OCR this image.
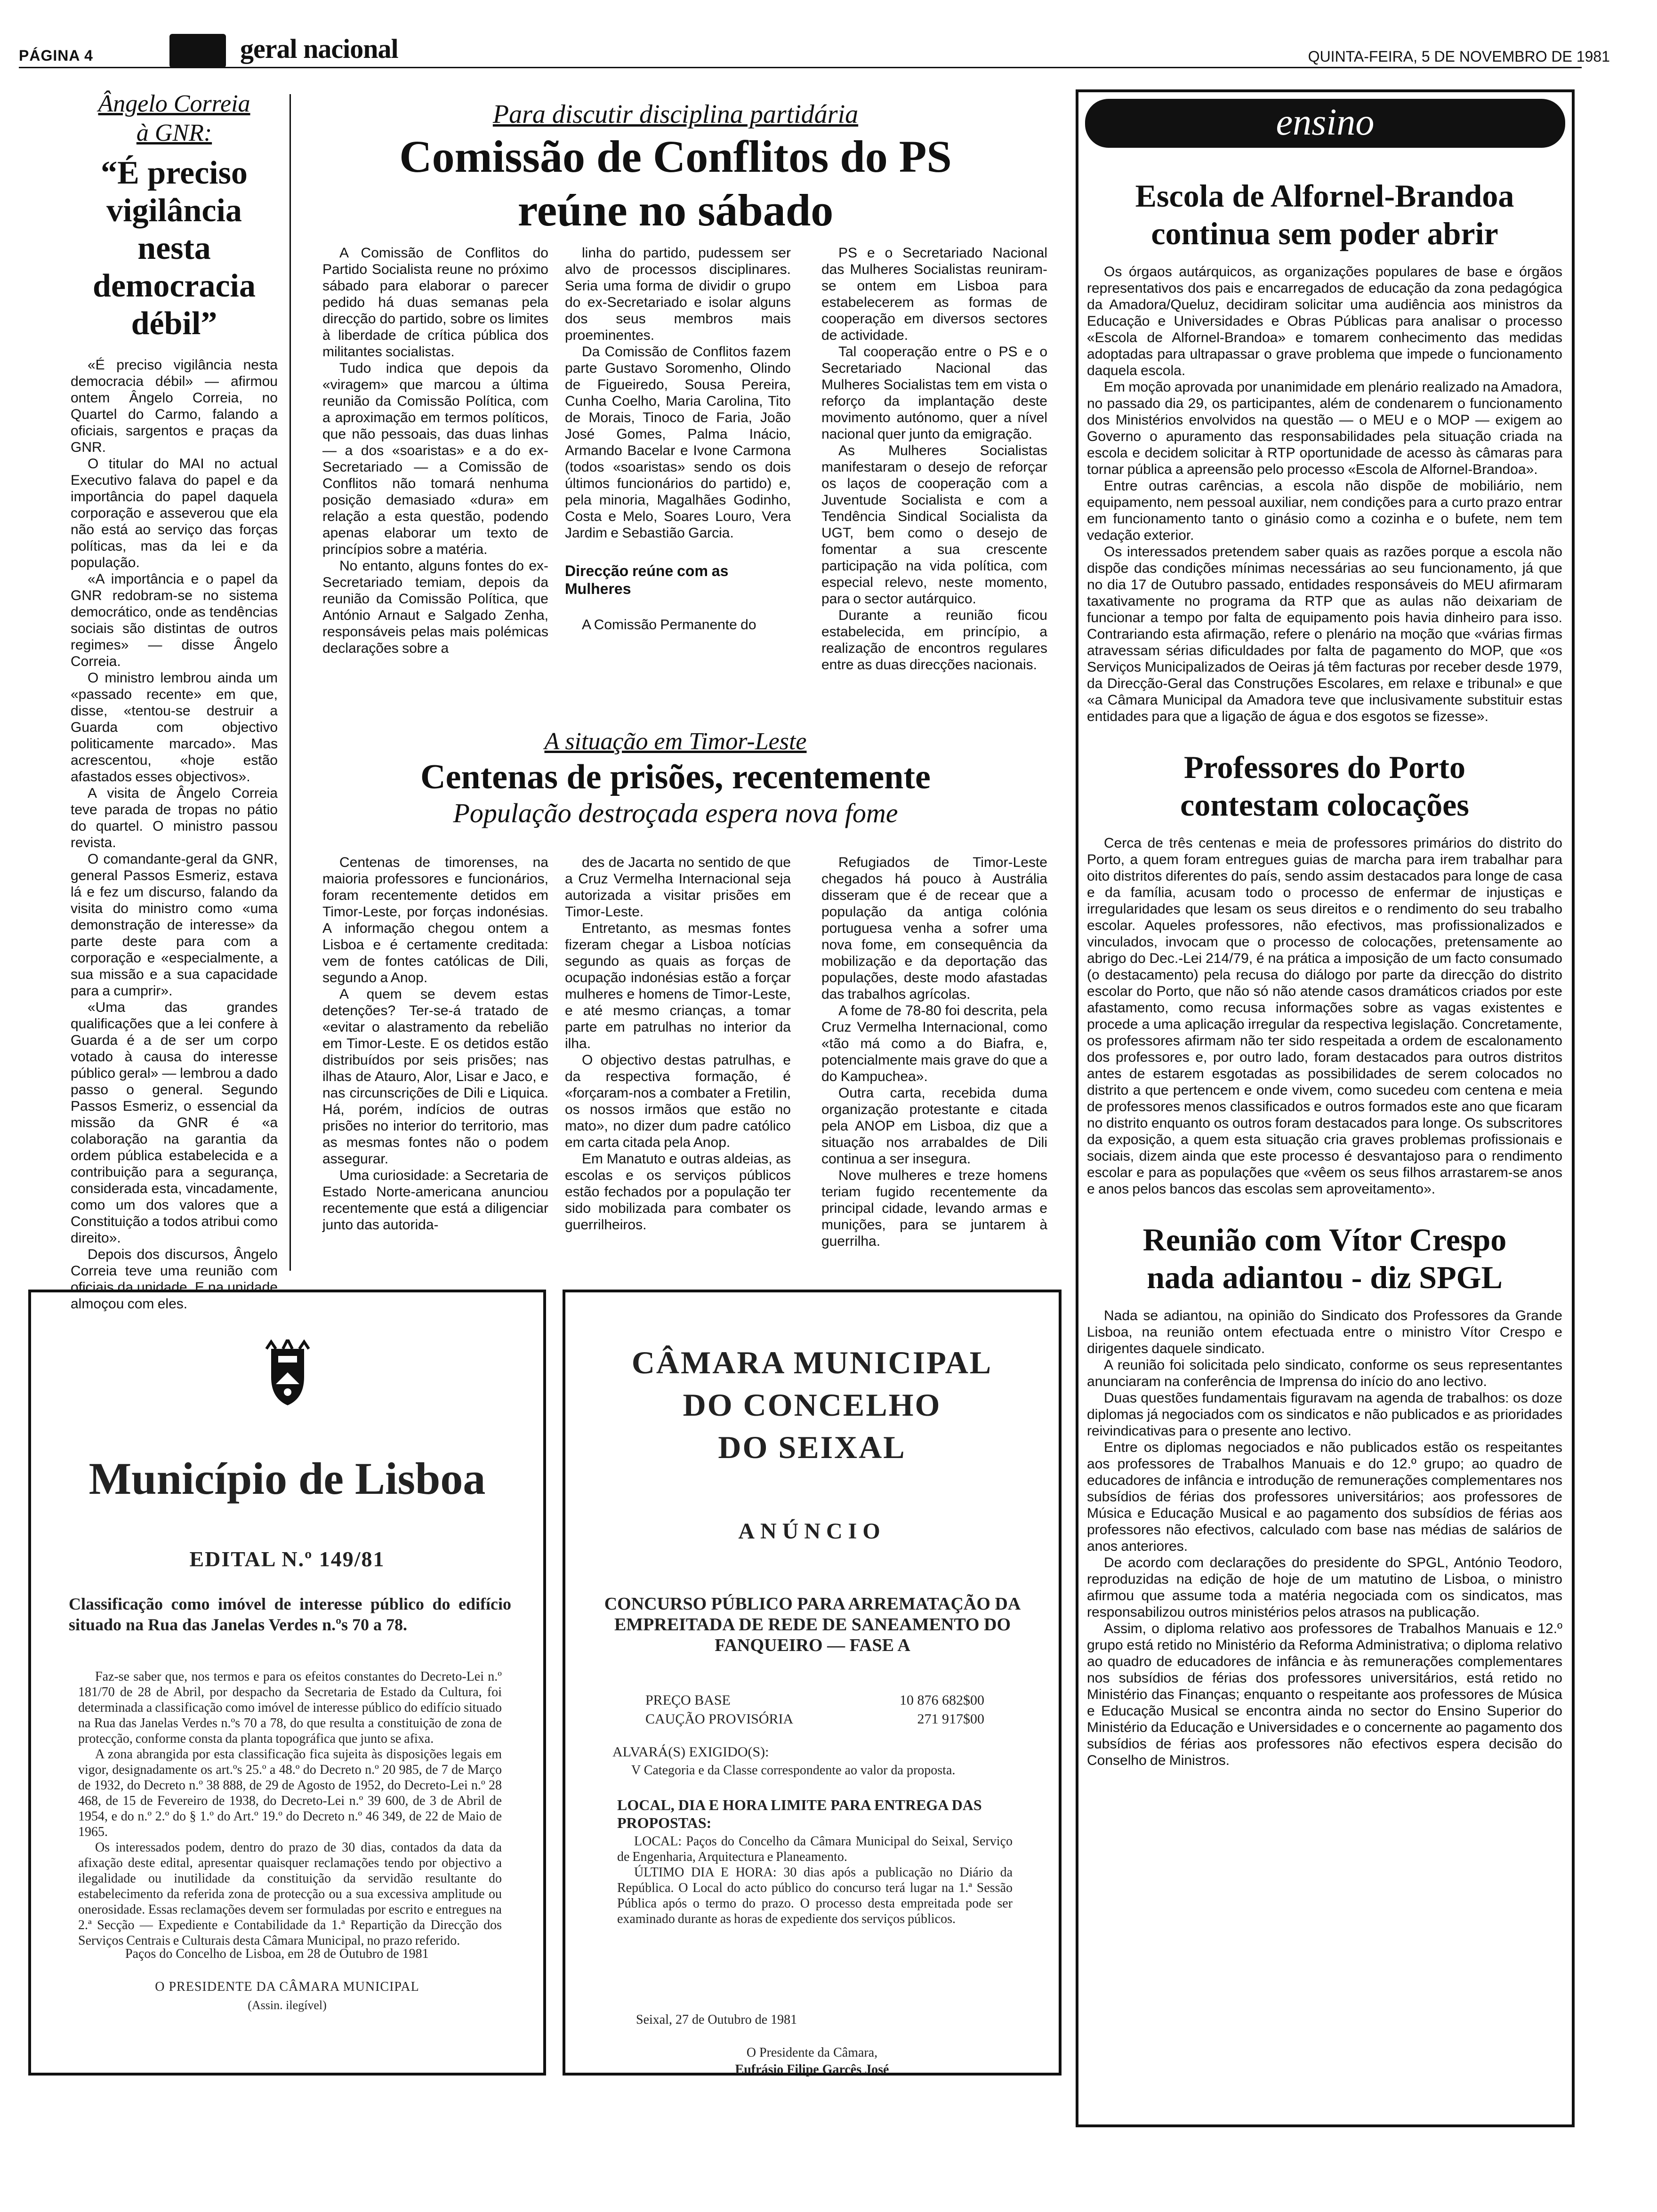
PÁGINA 4	geral nacional	QUINTA-FEIRA, 5 DE NOVEMBRO DE 1981
Ângelo Correia
à GNR:
“É preciso vigilância nesta democracia débil”

«É preciso vigilância nesta democracia débil» — afirmou ontem Ângelo Correia, no Quartel do Carmo, falando a oficiais, sargentos e praças da GNR.

O titular do MAI no actual Executivo falava do papel e da importância do papel daquela corporação e asseverou que ela não está ao serviço das forças políticas, mas da lei e da população.

«A importância e o papel da GNR redobram-se no sistema democrático, onde as tendências sociais são distintas de outros regimes» — disse Ângelo Correia.

O ministro lembrou ainda um «passado recente» em que, disse, «tentou-se destruir a Guarda com objectivo politicamente marcado». Mas acrescentou, «hoje estão afastados esses objectivos».

A visita de Ângelo Correia teve parada de tropas no pátio do quartel. O ministro passou revista.

O comandante-geral da GNR, general Passos Esmeriz, estava lá e fez um discurso, falando da visita do ministro como «uma demonstração de interesse» da parte deste para com a corporação e «especialmente, a sua missão e a sua capacidade para a cumprir».

«Uma das grandes qualificações que a lei confere à Guarda é a de ser um corpo votado à causa do interesse público geral» — lembrou a dado passo o general. Segundo Passos Esmeriz, o essencial da missão da GNR é «a colaboração na garantia da ordem pública estabelecida e a contribuição para a segurança, considerada esta, vincadamente, como um dos valores que a Constituição a todos atribui como direito».

Depois dos discursos, Ângelo Correia teve uma reunião com oficiais da unidade. E na unidade almoçou com eles.

Para discutir disciplina partidária
Comissão de Conflitos do PS
reúne no sábado

A Comissão de Conflitos do Partido Socialista reune no próximo sábado para elaborar o parecer pedido há duas semanas pela direcção do partido, sobre os limites à liberdade de crítica pública dos militantes socialistas.

Tudo indica que depois da «viragem» que marcou a última reunião da Comissão Política, com a aproximação em termos políticos, que não pessoais, das duas linhas — a dos «soaristas» e a do ex-Secretariado — a Comissão de Conflitos não tomará nenhuma posição demasiado «dura» em relação a esta questão, podendo apenas elaborar um texto de princípios sobre a matéria.

No entanto, alguns fontes do ex-Secretariado temiam, depois da reunião da Comissão Política, que António Arnaut e Salgado Zenha, responsáveis pelas mais polémicas declarações sobre a

linha do partido, pudessem ser alvo de processos disciplinares. Seria uma forma de dividir o grupo do ex-Secretariado e isolar alguns dos seus membros mais proeminentes.

Da Comissão de Conflitos fazem parte Gustavo Soromenho, Olindo de Figueiredo, Sousa Pereira, Cunha Coelho, Maria Carolina, Tito de Morais, Tinoco de Faria, João José Gomes, Palma Inácio, Armando Bacelar e Ivone Carmona (todos «soaristas» sendo os dois últimos funcionários do partido) e, pela minoria, Magalhães Godinho, Costa e Melo, Soares Louro, Vera Jardim e Sebastião Garcia.

Direcção reúne com as Mulheres

A Comissão Permanente do

PS e o Secretariado Nacional das Mulheres Socialistas reuniram-se ontem em Lisboa para estabelecerem as formas de cooperação em diversos sectores de actividade.

Tal cooperação entre o PS e o Secretariado Nacional das Mulheres Socialistas tem em vista o reforço da implantação deste movimento autónomo, quer a nível nacional quer junto da emigração.

As Mulheres Socialistas manifestaram o desejo de reforçar os laços de cooperação com a Juventude Socialista e com a Tendência Sindical Socialista da UGT, bem como o desejo de fomentar a sua crescente participação na vida política, com especial relevo, neste momento, para o sector autárquico.

Durante a reunião ficou estabelecida, em princípio, a realização de encontros regulares entre as duas direcções nacionais.

A situação em Timor-Leste
Centenas de prisões, recentemente
População destroçada espera nova fome

Centenas de timorenses, na maioria professores e funcionários, foram recentemente detidos em Timor-Leste, por forças indonésias. A informação chegou ontem a Lisboa e é certamente creditada: vem de fontes católicas de Dili, segundo a Anop.

A quem se devem estas detenções? Ter-se-á tratado de «evitar o alastramento da rebelião em Timor-Leste. E os detidos estão distribuídos por seis prisões; nas ilhas de Atauro, Alor, Lisar e Jaco, e nas circunscrições de Dili e Liquica. Há, porém, indícios de outras prisões no interior do territorio, mas as mesmas fontes não o podem assegurar.

Uma curiosidade: a Secretaria de Estado Norte-americana anunciou recentemente que está a diligenciar junto das autorida-

des de Jacarta no sentido de que a Cruz Vermelha Internacional seja autorizada a visitar prisões em Timor-Leste.

Entretanto, as mesmas fontes fizeram chegar a Lisboa notícias segundo as quais as forças de ocupação indonésias estão a forçar mulheres e homens de Timor-Leste, e até mesmo crianças, a tomar parte em patrulhas no interior da ilha.

O objectivo destas patrulhas, e da respectiva formação, é «forçaram-nos a combater a Fretilin, os nossos irmãos que estão no mato», no dizer dum padre católico em carta citada pela Anop.

Em Manatuto e outras aldeias, as escolas e os serviços públicos estão fechados por a população ter sido mobilizada para combater os guerrilheiros.

Refugiados de Timor-Leste chegados há pouco à Austrália disseram que é de recear que a população da antiga colónia portuguesa venha a sofrer uma nova fome, em consequência da mobilização e da deportação das populações, deste modo afastadas das trabalhos agrícolas.

A fome de 78-80 foi descrita, pela Cruz Vermelha Internacional, como «tão má como a do Biafra, e, potencialmente mais grave do que a do Kampuchea».

Outra carta, recebida duma organização protestante e citada pela ANOP em Lisboa, diz que a situação nos arrabaldes de Dili continua a ser insegura.

Nove mulheres e treze homens teriam fugido recentemente da principal cidade, levando armas e munições, para se juntarem à guerrilha.

ensino
Escola de Alfornel-Brandoa
continua sem poder abrir

Os órgaos autárquicos, as organizações populares de base e órgãos representativos dos pais e encarregados de educação da zona pedagógica da Amadora/Queluz, decidiram solicitar uma audiência aos ministros da Educação e Universidades e Obras Públicas para analisar o processo «Escola de Alfornel-Brandoa» e tomarem conhecimento das medidas adoptadas para ultrapassar o grave problema que impede o funcionamento daquela escola.

Em moção aprovada por unanimidade em plenário realizado na Amadora, no passado dia 29, os participantes, além de condenarem o funcionamento dos Ministérios envolvidos na questão — o MEU e o MOP — exigem ao Governo o apuramento das responsabilidades pela situação criada na escola e decidem solicitar à RTP oportunidade de acesso às câmaras para tornar pública a apreensão pelo processo «Escola de Alfornel-Brandoa».

Entre outras carências, a escola não dispõe de mobiliário, nem equipamento, nem pessoal auxiliar, nem condições para a curto prazo entrar em funcionamento tanto o ginásio como a cozinha e o bufete, nem tem vedação exterior.

Os interessados pretendem saber quais as razões porque a escola não dispõe das condições mínimas necessárias ao seu funcionamento, já que no dia 17 de Outubro passado, entidades responsáveis do MEU afirmaram taxativamente no programa da RTP que as aulas não deixariam de funcionar a tempo por falta de equipamento pois havia dinheiro para isso. Contrariando esta afirmação, refere o plenário na moção que «várias firmas atravessam sérias dificuldades por falta de pagamento do MOP, que «os Serviços Municipalizados de Oeiras já têm facturas por receber desde 1979, da Direcção-Geral das Construções Escolares, em relaxe e tribunal» e que «a Câmara Municipal da Amadora teve que inclusivamente substituir estas entidades para que a ligação de água e dos esgotos se fizesse».

Professores do Porto
contestam colocações

Cerca de três centenas e meia de professores primários do distrito do Porto, a quem foram entregues guias de marcha para irem trabalhar para oito distritos diferentes do país, sendo assim destacados para longe de casa e da família, acusam todo o processo de enfermar de injustiças e irregularidades que lesam os seus direitos e o rendimento do seu trabalho escolar. Aqueles professores, não efectivos, mas profissionalizados e vinculados, invocam que o processo de colocações, pretensamente ao abrigo do Dec.-Lei 214/79, é na prática a imposição de um facto consumado (o destacamento) pela recusa do diálogo por parte da direcção do distrito escolar do Porto, que não só não atende casos dramáticos criados por este afastamento, como recusa informações sobre as vagas existentes e procede a uma aplicação irregular da respectiva legislação. Concretamente, os professores afirmam não ter sido respeitada a ordem de escalonamento dos professores e, por outro lado, foram destacados para outros distritos antes de estarem esgotadas as possibilidades de serem colocados no distrito a que pertencem e onde vivem, como sucedeu com centena e meia de professores menos classificados e outros formados este ano que ficaram no distrito enquanto os outros foram destacados para longe. Os subscritores da exposição, a quem esta situação cria graves problemas profissionais e sociais, dizem ainda que este processo é desvantajoso para o rendimento escolar e para as populações que «vêem os seus filhos arrastarem-se anos e anos pelos bancos das escolas sem aproveitamento».

Reunião com Vítor Crespo
nada adiantou - diz SPGL

Nada se adiantou, na opinião do Sindicato dos Professores da Grande Lisboa, na reunião ontem efectuada entre o ministro Vítor Crespo e dirigentes daquele sindicato.

A reunião foi solicitada pelo sindicato, conforme os seus representantes anunciaram na conferência de Imprensa do início do ano lectivo.

Duas questões fundamentais figuravam na agenda de trabalhos: os doze diplomas já negociados com os sindicatos e não publicados e as prioridades reivindicativas para o presente ano lectivo.

Entre os diplomas negociados e não publicados estão os respeitantes aos professores de Trabalhos Manuais e do 12.º grupo; ao quadro de educadores de infância e introdução de remunerações complementares nos subsídios de férias dos professores universitários; aos professores de Música e Educação Musical e ao pagamento dos subsídios de férias aos professores não efectivos, calculado com base nas médias de salários de anos anteriores.

De acordo com declarações do presidente do SPGL, António Teodoro, reproduzidas na edição de hoje de um matutino de Lisboa, o ministro afirmou que assume toda a matéria negociada com os sindicatos, mas responsabilizou outros ministérios pelos atrasos na publicação.

Assim, o diploma relativo aos professores de Trabalhos Manuais e 12.º grupo está retido no Ministério da Reforma Administrativa; o diploma relativo ao quadro de educadores de infância e às remunerações complementares nos subsídios de férias dos professores universitários, está retido no Ministério das Finanças; enquanto o respeitante aos professores de Música e Educação Musical se encontra ainda no sector do Ensino Superior do Ministério da Educação e Universidades e o concernente ao pagamento dos subsídios de férias aos professores não efectivos espera decisão do Conselho de Ministros.

Município de Lisboa
EDITAL N.º 149/81
Classificação como imóvel de interesse público do edifício situado na Rua das Janelas Verdes n.ºs 70 a 78.

Faz-se saber que, nos termos e para os efeitos constantes do Decreto-Lei n.º 181/70 de 28 de Abril, por despacho da Secretaria de Estado da Cultura, foi determinada a classificação como imóvel de interesse público do edifício situado na Rua das Janelas Verdes n.ºs 70 a 78, do que resulta a constituição de zona de protecção, conforme consta da planta topográfica que junto se afixa.

A zona abrangida por esta classificação fica sujeita às disposições legais em vigor, designadamente os art.ºs 25.º a 48.º do Decreto n.º 20 985, de 7 de Março de 1932, do Decreto n.º 38 888, de 29 de Agosto de 1952, do Decreto-Lei n.º 28 468, de 15 de Fevereiro de 1938, do Decreto-Lei n.º 39 600, de 3 de Abril de 1954, e do n.º 2.º do § 1.º do Art.º 19.º do Decreto n.º 46 349, de 22 de Maio de 1965.

Os interessados podem, dentro do prazo de 30 dias, contados da data da afixação deste edital, apresentar quaisquer reclamações tendo por objectivo a ilegalidade ou inutilidade da constituição da servidão resultante do estabelecimento da referida zona de protecção ou a sua excessiva amplitude ou onerosidade. Essas reclamações devem ser formuladas por escrito e entregues na 2.ª Secção — Expediente e Contabilidade da 1.ª Repartição da Direcção dos Serviços Centrais e Culturais desta Câmara Municipal, no prazo referido.

Paços do Concelho de Lisboa, em 28 de Outubro de 1981
O PRESIDENTE DA CÂMARA MUNICIPAL
(Assin. ilegível)
CÂMARA MUNICIPAL
DO CONCELHO
DO SEIXAL
ANÚNCIO
CONCURSO PÚBLICO PARA ARREMATAÇÃO DA EMPREITADA DE REDE DE SANEAMENTO DO FANQUEIRO — FASE A
PREÇO BASE	10 876 682$00
CAUÇÃO PROVISÓRIA	271 917$00
ALVARÁ(S) EXIGIDO(S):
V Categoria e da Classe correspondente ao valor da proposta.
LOCAL, DIA E HORA LIMITE PARA ENTREGA DAS PROPOSTAS:

LOCAL: Paços do Concelho da Câmara Municipal do Seixal, Serviço de Engenharia, Arquitectura e Planeamento.

ÚLTIMO DIA E HORA: 30 dias após a publicação no Diário da República. O Local do acto público do concurso terá lugar na 1.ª Sessão Pública após o termo do prazo. O processo desta empreitada pode ser examinado durante as horas de expediente dos serviços públicos.

Seixal, 27 de Outubro de 1981
O Presidente da Câmara,
Eufrásio Filipe Garcês José
